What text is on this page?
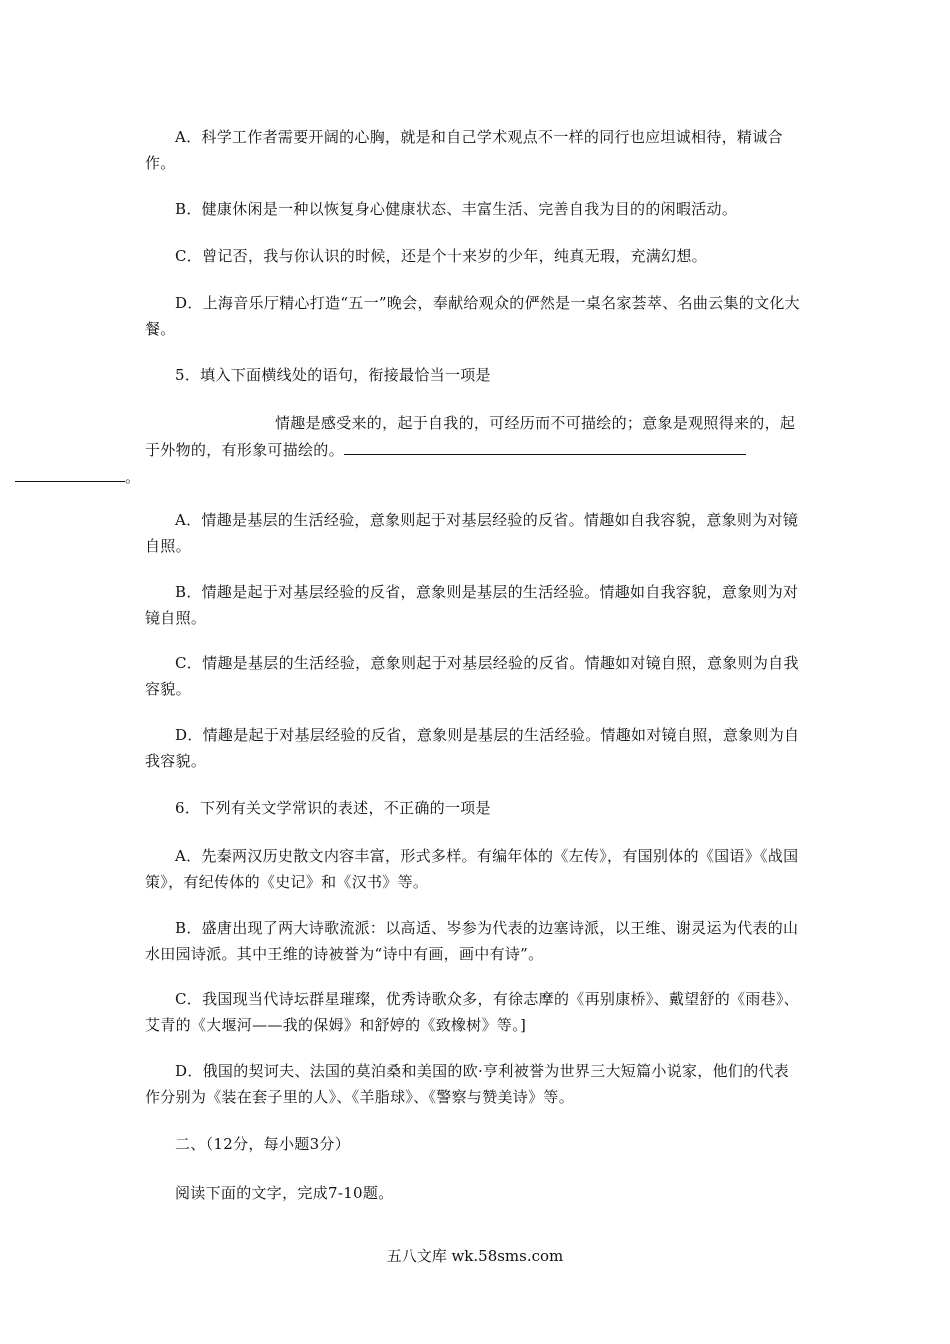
A．科学工作者需要开阔的心胸，就是和自己学术观点不一样的同行也应坦诚相待，精诚合作。

B．健康休闲是一种以恢复身心健康状态、丰富生活、完善自我为目的的闲暇活动。

C．曾记否，我与你认识的时候，还是个十来岁的少年，纯真无瑕，充满幻想。

D．上海音乐厅精心打造“五一”晚会，奉献给观众的俨然是一桌名家荟萃、名曲云集的文化大餐。

5．填入下面横线处的语句，衔接最恰当一项是

情趣是感受来的，起于自我的，可经历而不可描绘的；意象是观照得来的，起于外物的，有形象可描绘的。
。

A．情趣是基层的生活经验，意象则起于对基层经验的反省。情趣如自我容貌，意象则为对镜自照。

B．情趣是起于对基层经验的反省，意象则是基层的生活经验。情趣如自我容貌，意象则为对镜自照。

C．情趣是基层的生活经验，意象则起于对基层经验的反省。情趣如对镜自照，意象则为自我容貌。

D．情趣是起于对基层经验的反省，意象则是基层的生活经验。情趣如对镜自照，意象则为自我容貌。

6．下列有关文学常识的表述，不正确的一项是

A．先秦两汉历史散文内容丰富，形式多样。有编年体的《左传》，有国别体的《国语》《战国策》，有纪传体的《史记》和《汉书》等。

B．盛唐出现了两大诗歌流派：以高适、岑参为代表的边塞诗派，以王维、谢灵运为代表的山水田园诗派。其中王维的诗被誉为“诗中有画，画中有诗”。

C．我国现当代诗坛群星璀璨，优秀诗歌众多，有徐志摩的《再别康桥》、戴望舒的《雨巷》、艾青的《大堰河——我的保姆》和舒婷的《致橡树》等。]

D．俄国的契诃夫、法国的莫泊桑和美国的欧·亨利被誉为世界三大短篇小说家，他们的代表作分别为《装在套子里的人》、《羊脂球》、《警察与赞美诗》等。

二、（12分，每小题3分）

阅读下面的文字，完成7-10题。

五八文库 wk.58sms.com
